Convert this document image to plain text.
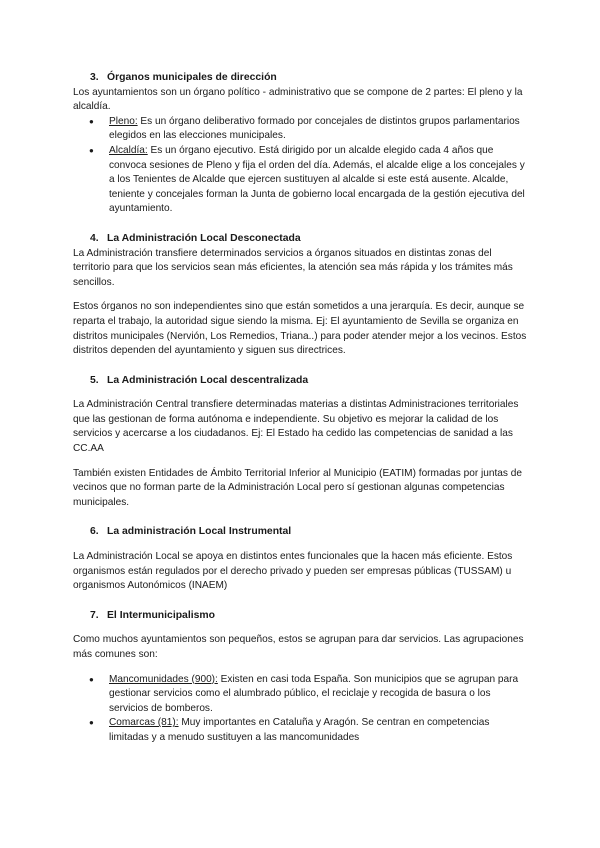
3. Órganos municipales de dirección

Los ayuntamientos son un órgano político - administrativo que se compone de 2 partes: El pleno y la alcaldía.

● Pleno: Es un órgano deliberativo formado por concejales de distintos grupos parlamentarios elegidos en las elecciones municipales.
● Alcaldía: Es un órgano ejecutivo. Está dirigido por un alcalde elegido cada 4 años que convoca sesiones de Pleno y fija el orden del día. Además, el alcalde elige a los concejales y a los Tenientes de Alcalde que ejercen sustituyen al alcalde si este está ausente. Alcalde, teniente y concejales forman la Junta de gobierno local encargada de la gestión ejecutiva del ayuntamiento.
4. La Administración Local Desconectada

La Administración transfiere determinados servicios a órganos situados en distintas zonas del territorio para que los servicios sean más eficientes, la atención sea más rápida y los trámites más sencillos.

Estos órganos no son independientes sino que están sometidos a una jerarquía. Es decir, aunque se reparta el trabajo, la autoridad sigue siendo la misma. Ej: El ayuntamiento de Sevilla se organiza en distritos municipales (Nervión, Los Remedios, Triana..) para poder atender mejor a los vecinos. Estos distritos dependen del ayuntamiento y siguen sus directrices.

5. La Administración Local descentralizada

La Administración Central transfiere determinadas materias a distintas Administraciones territoriales que las gestionan de forma autónoma e independiente. Su objetivo es mejorar la calidad de los servicios y acercarse a los ciudadanos. Ej: El Estado ha cedido las competencias de sanidad a las CC.AA

También existen Entidades de Ámbito Territorial Inferior al Municipio (EATIM) formadas por juntas de vecinos que no forman parte de la Administración Local pero sí gestionan algunas competencias municipales.

6. La administración Local Instrumental

La Administración Local se apoya en distintos entes funcionales que la hacen más eficiente. Estos organismos están regulados por el derecho privado y pueden ser empresas públicas (TUSSAM) u organismos Autonómicos (INAEM)

7. El Intermunicipalismo

Como muchos ayuntamientos son pequeños, estos se agrupan para dar servicios. Las agrupaciones más comunes son:

● Mancomunidades (900): Existen en casi toda España. Son municipios que se agrupan para gestionar servicios como el alumbrado público, el reciclaje y recogida de basura o los servicios de bomberos.
● Comarcas (81): Muy importantes en Cataluña y Aragón. Se centran en competencias limitadas y a menudo sustituyen a las mancomunidades
